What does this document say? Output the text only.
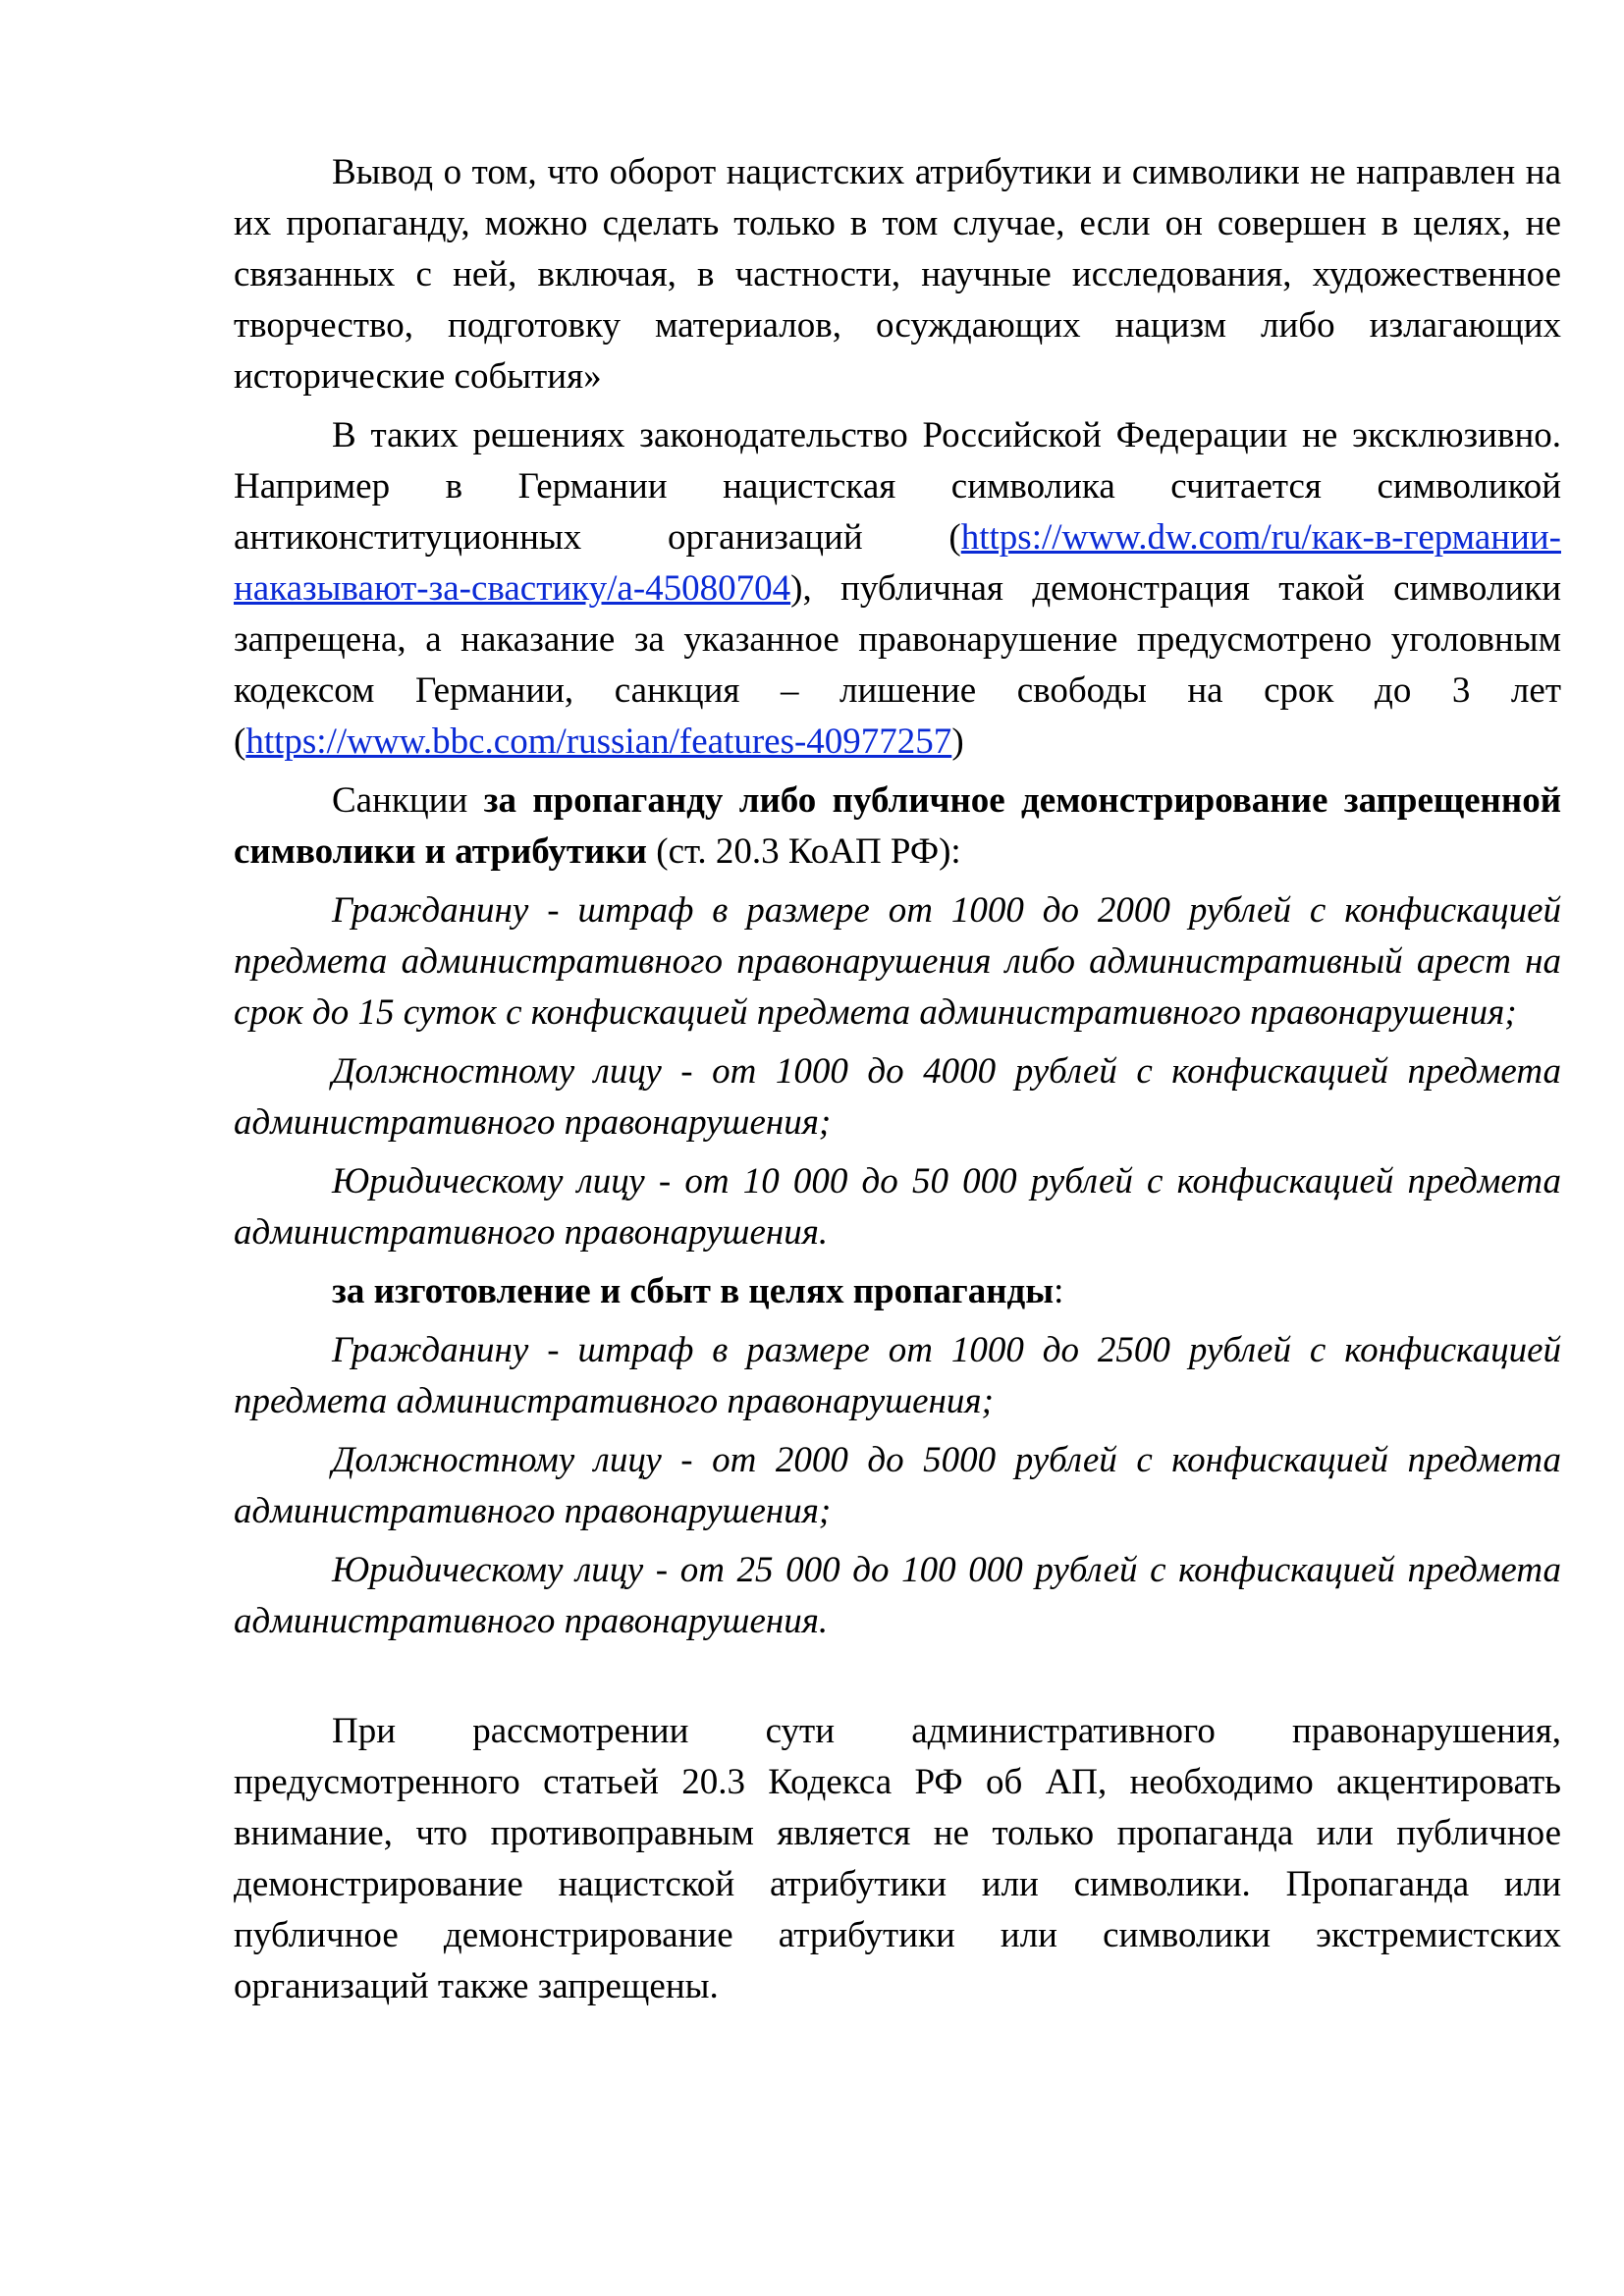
Вывод о том, что оборот нацистских атрибутики и символики не направлен на их пропаганду, можно сделать только в том случае, если он совершен в целях, не связанных с ней, включая, в частности, научные исследования, художественное творчество, подготовку материалов, осуждающих нацизм либо излагающих исторические события»

В таких решениях законодательство Российской Федерации не эксклюзивно. Например в Германии нацистская символика считается символикой антиконституционных организаций (https://www.dw.com/ru/как-в-германии-наказывают-за-свастику/a-45080704), публичная демонстрация такой символики запрещена, а наказание за указанное правонарушение предусмотрено уголовным кодексом Германии, санкция – лишение свободы на срок до 3 лет (https://www.bbc.com/russian/features-40977257)

Санкции за пропаганду либо публичное демонстрирование запрещенной символики и атрибутики (ст. 20.3 КоАП РФ):

Гражданину - штраф в размере от 1000 до 2000 рублей с конфискацией предмета административного правонарушения либо административный арест на срок до 15 суток с конфискацией предмета административного правонарушения;

Должностному лицу - от 1000 до 4000 рублей с конфискацией предмета административного правонарушения;

Юридическому лицу - от 10 000 до 50 000 рублей с конфискацией предмета административного правонарушения.

за изготовление и сбыт в целях пропаганды:

Гражданину - штраф в размере от 1000 до 2500 рублей с конфискацией предмета административного правонарушения;

Должностному лицу - от 2000 до 5000 рублей с конфискацией предмета административного правонарушения;

Юридическому лицу - от 25 000 до 100 000 рублей с конфискацией предмета административного правонарушения.

При рассмотрении сути административного правонарушения, предусмотренного статьей 20.3 Кодекса РФ об АП, необходимо акцентировать внимание, что противоправным является не только пропаганда или публичное демонстрирование нацистской атрибутики или символики. Пропаганда или публичное демонстрирование атрибутики или символики экстремистских организаций также запрещены.
